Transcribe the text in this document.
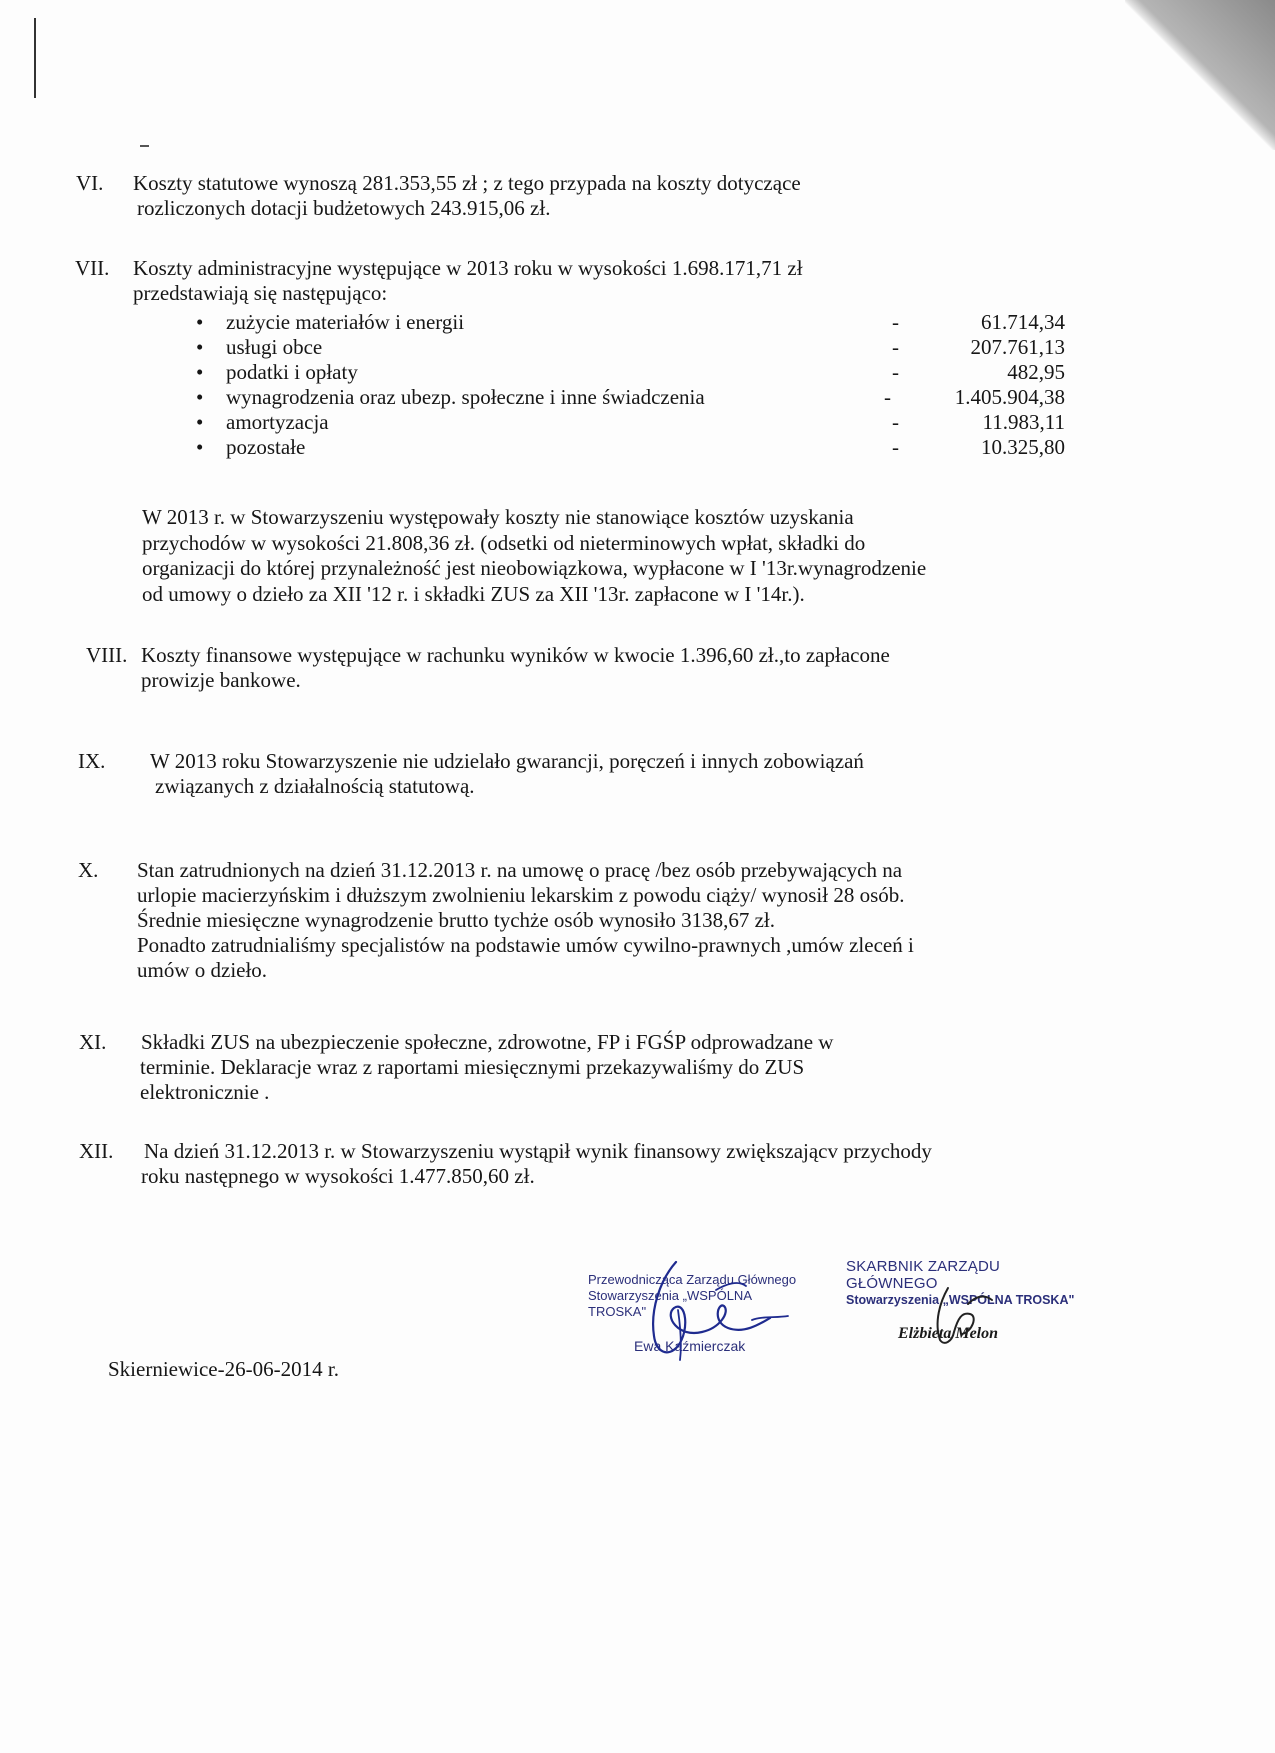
VI. Koszty statutowe wynoszą 281.353,55 zł ; z tego przypada na koszty dotyczące
rozliczonych dotacji budżetowych 243.915,06 zł.
VII. Koszty administracyjne występujące w 2013 roku w wysokości 1.698.171,71 zł
przedstawiają się następująco:
• zużycie materiałów i energii	-	61.714,34
• usługi obce	-	207.761,13
• podatki i opłaty	-	482,95
• wynagrodzenia oraz ubezp. społeczne i inne świadczenia	-	1.405.904,38
• amortyzacja	-	11.983,11
• pozostałe	-	10.325,80
W 2013 r. w Stowarzyszeniu występowały koszty nie stanowiące kosztów uzyskania
przychodów w wysokości 21.808,36 zł. (odsetki od nieterminowych wpłat, składki do
organizacji do której przynależność jest nieobowiązkowa, wypłacone w I '13r.wynagrodzenie
od umowy o dzieło za XII '12 r. i składki ZUS za XII '13r. zapłacone w I '14r.).
VIII. Koszty finansowe występujące w rachunku wyników w kwocie 1.396,60 zł.,to zapłacone
prowizje bankowe.
IX. W 2013 roku Stowarzyszenie nie udzielało gwarancji, poręczeń i innych zobowiązań
związanych z działalnością statutową.
X. Stan zatrudnionych na dzień 31.12.2013 r. na umowę o pracę /bez osób przebywających na
urlopie macierzyńskim i dłuższym zwolnieniu lekarskim z powodu ciąży/ wynosił 28 osób.
Średnie miesięczne wynagrodzenie brutto tychże osób wynosiło 3138,67 zł.
Ponadto zatrudnialiśmy specjalistów na podstawie umów cywilno-prawnych ,umów zleceń i
umów o dzieło.
XI. Składki ZUS na ubezpieczenie społeczne, zdrowotne, FP i FGŚP odprowadzane w
terminie. Deklaracje wraz z raportami miesięcznymi przekazywaliśmy do ZUS
elektronicznie .
XII. Na dzień 31.12.2013 r. w Stowarzyszeniu wystąpił wynik finansowy zwiększającv przychody
roku następnego w wysokości 1.477.850,60 zł.
Przewodnicząca Zarządu Głównego
Stowarzyszenia „WSPÓLNA TROSKA"
Ewa Kaźmierczak
SKARBNIK ZARZĄDU GŁÓWNEGO
Stowarzyszenia „WSPÓLNA TROSKA"
Elżbieta Melon
Skierniewice-26-06-2014 r.
